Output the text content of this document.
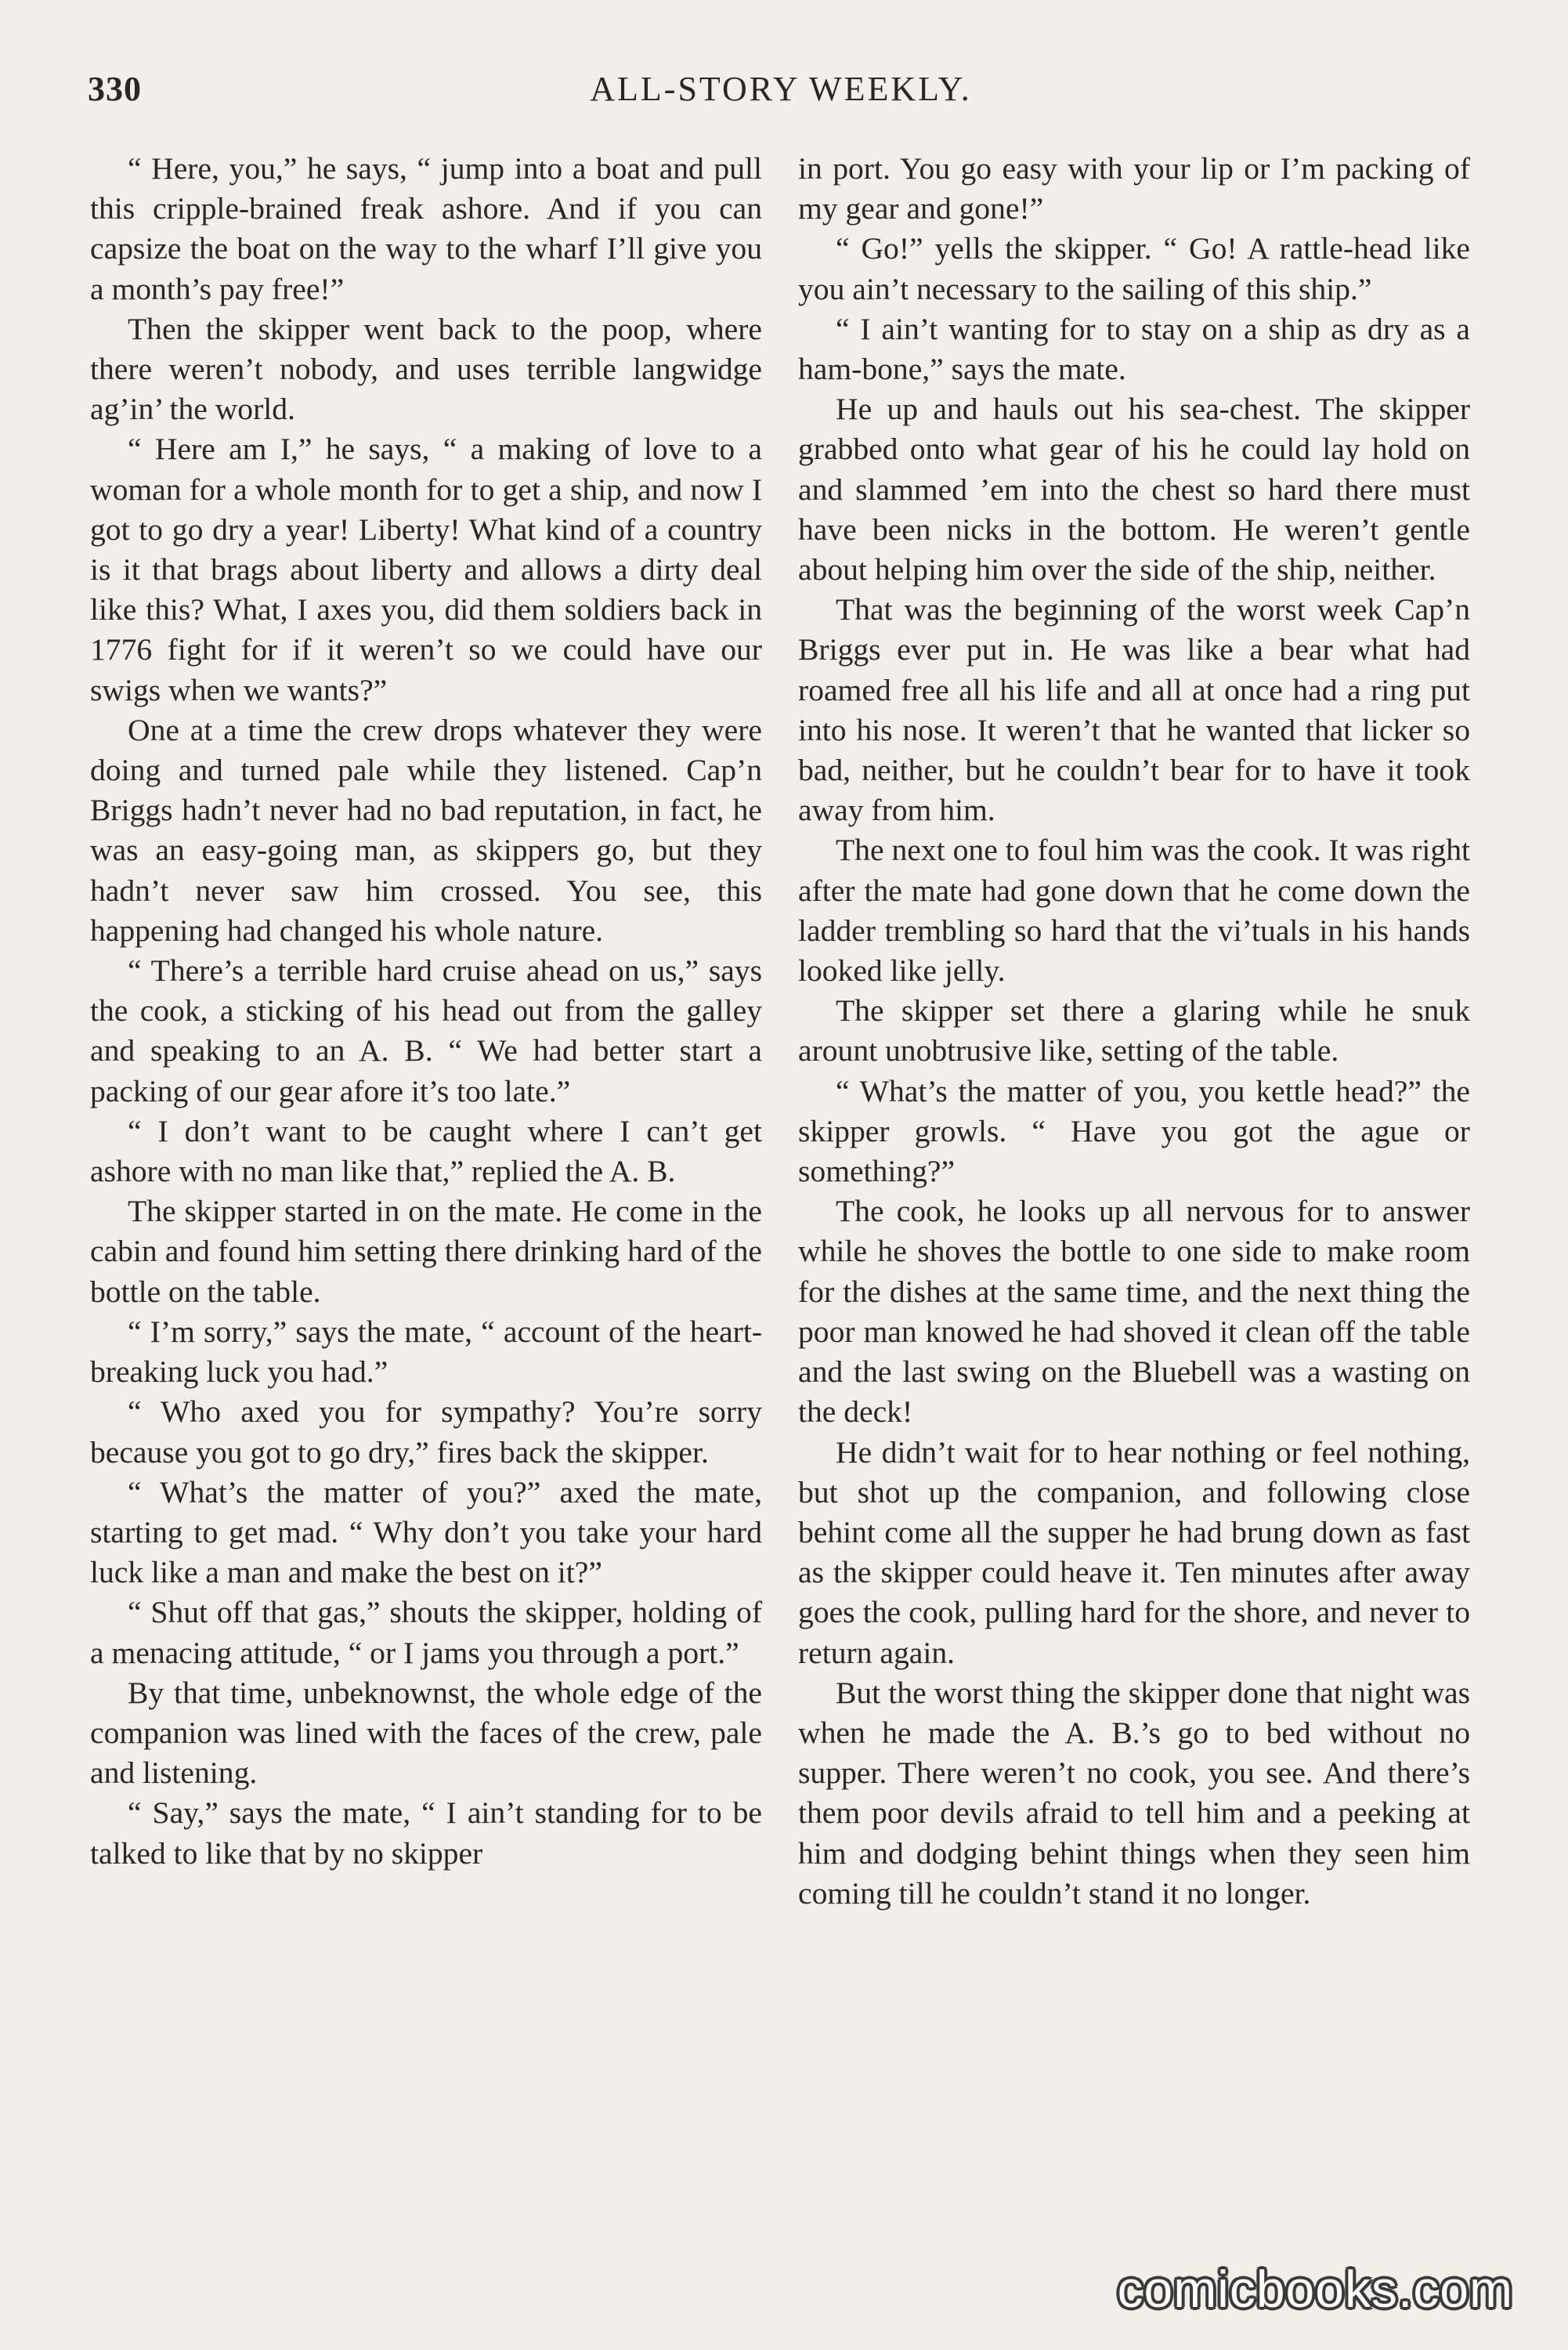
330	ALL-STORY WEEKLY.

“ Here, you,” he says, “ jump into a boat and pull this cripple-brained freak ashore. And if you can capsize the boat on the way to the wharf I’ll give you a month’s pay free!”

Then the skipper went back to the poop, where there weren’t nobody, and uses terrible langwidge ag’in’ the world.

“ Here am I,” he says, “ a making of love to a woman for a whole month for to get a ship, and now I got to go dry a year! Liberty! What kind of a country is it that brags about liberty and allows a dirty deal like this? What, I axes you, did them soldiers back in 1776 fight for if it weren’t so we could have our swigs when we wants?”

One at a time the crew drops whatever they were doing and turned pale while they listened. Cap’n Briggs hadn’t never had no bad reputation, in fact, he was an easy-going man, as skippers go, but they hadn’t never saw him crossed. You see, this happening had changed his whole nature.

“ There’s a terrible hard cruise ahead on us,” says the cook, a sticking of his head out from the galley and speaking to an A. B. “ We had better start a packing of our gear afore it’s too late.”

“ I don’t want to be caught where I can’t get ashore with no man like that,” replied the A. B.

The skipper started in on the mate. He come in the cabin and found him setting there drinking hard of the bottle on the table.

“ I’m sorry,” says the mate, “ account of the heart-breaking luck you had.”

“ Who axed you for sympathy? You’re sorry because you got to go dry,” fires back the skipper.

“ What’s the matter of you?” axed the mate, starting to get mad. “ Why don’t you take your hard luck like a man and make the best on it?”

“ Shut off that gas,” shouts the skipper, holding of a menacing attitude, “ or I jams you through a port.”

By that time, unbeknownst, the whole edge of the companion was lined with the faces of the crew, pale and listening.

“ Say,” says the mate, “ I ain’t standing for to be talked to like that by no skipper

in port. You go easy with your lip or I’m packing of my gear and gone!”

“ Go!” yells the skipper. “ Go! A rattle-head like you ain’t necessary to the sailing of this ship.”

“ I ain’t wanting for to stay on a ship as dry as a ham-bone,” says the mate.

He up and hauls out his sea-chest. The skipper grabbed onto what gear of his he could lay hold on and slammed ’em into the chest so hard there must have been nicks in the bottom. He weren’t gentle about helping him over the side of the ship, neither.

That was the beginning of the worst week Cap’n Briggs ever put in. He was like a bear what had roamed free all his life and all at once had a ring put into his nose. It weren’t that he wanted that licker so bad, neither, but he couldn’t bear for to have it took away from him.

The next one to foul him was the cook. It was right after the mate had gone down that he come down the ladder trembling so hard that the vi’tuals in his hands looked like jelly.

The skipper set there a glaring while he snuk arount unobtrusive like, setting of the table.

“ What’s the matter of you, you kettle head?” the skipper growls. “ Have you got the ague or something?”

The cook, he looks up all nervous for to answer while he shoves the bottle to one side to make room for the dishes at the same time, and the next thing the poor man knowed he had shoved it clean off the table and the last swing on the Bluebell was a wasting on the deck!

He didn’t wait for to hear nothing or feel nothing, but shot up the companion, and following close behint come all the supper he had brung down as fast as the skipper could heave it. Ten minutes after away goes the cook, pulling hard for the shore, and never to return again.

But the worst thing the skipper done that night was when he made the A. B.’s go to bed without no supper. There weren’t no cook, you see. And there’s them poor devils afraid to tell him and a peeking at him and dodging behint things when they seen him coming till he couldn’t stand it no longer.

comicbooks.com
